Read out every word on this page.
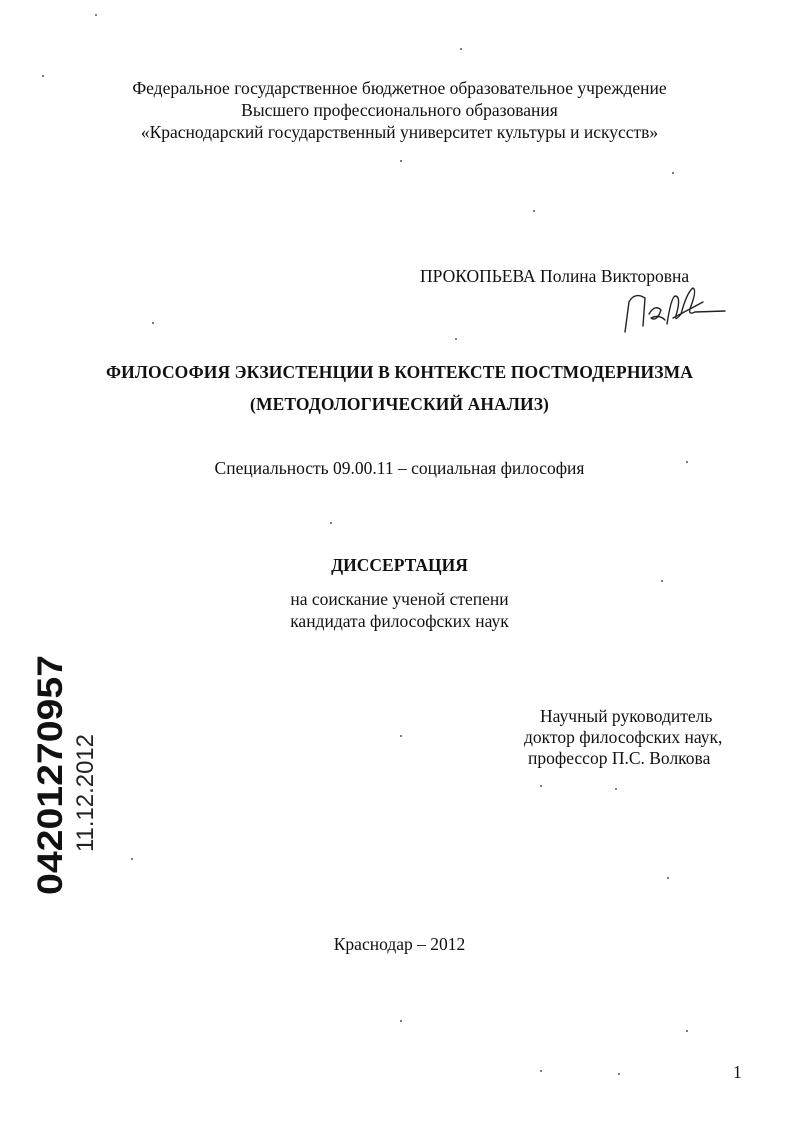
Федеральное государственное бюджетное образовательное учреждение
Высшего профессионального образования
«Краснодарский государственный университет культуры и искусств»
ПРОКОПЬЕВА Полина Викторовна
ФИЛОСОФИЯ ЭКЗИСТЕНЦИИ В КОНТЕКСТЕ ПОСТМОДЕРНИЗМА
(МЕТОДОЛОГИЧЕСКИЙ АНАЛИЗ)
Специальность 09.00.11 – социальная философия
ДИССЕРТАЦИЯ
на соискание ученой степени
кандидата философских наук
Научный руководитель
доктор философских наук,
профессор П.С. Волкова
Краснодар – 2012
1
04201270957 11.12.2012
